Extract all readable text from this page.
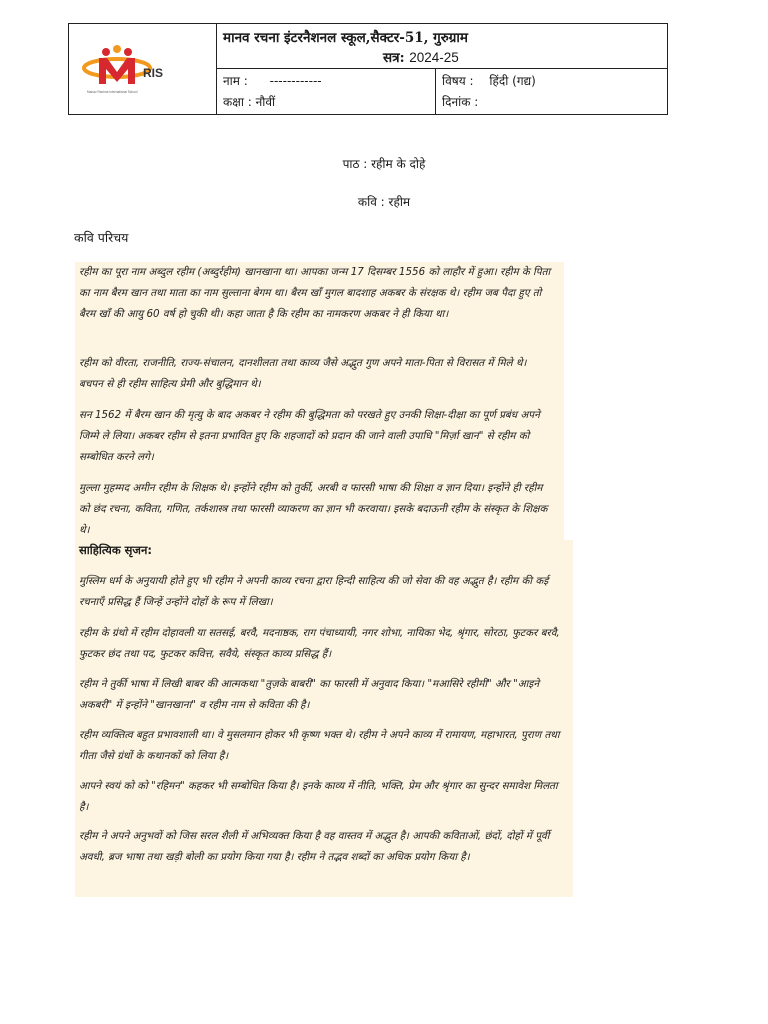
RIS
Manav Rachna International School
मानव रचना इंटरनैशनल स्कूल,सैक्टर-51, गुरुग्राम
सत्र: 2024-25
नाम : ------------
कक्षा : नौवीं
विषय : हिंदी (गद्य)
दिनांक :
पाठ : रहीम के दोहे
कवि : रहीम
कवि परिचय

रहीम का पूरा नाम अब्दुल रहीम (अब्दुर्रहीम) खानखाना था। आपका जन्म 17 दिसम्बर 1556 को लाहौर में हुआ। रहीम के पिता का नाम बैरम खान तथा माता का नाम सुल्ताना बेगम था। बैरम खाँ मुगल बादशाह अकबर के संरक्षक थे। रहीम जब पैदा हुए तो बैरम खाँ की आयु 60 वर्ष हो चुकी थी। कहा जाता है कि रहीम का नामकरण अकबर ने ही किया था।

रहीम को वीरता, राजनीति, राज्य-संचालन, दानशीलता तथा काव्य जैसे अद्भुत गुण अपने माता-पिता से विरासत में मिले थे। बचपन से ही रहीम साहित्य प्रेमी और बुद्धिमान थे।

सन 1562 में बैरम खान की मृत्यु के बाद अकबर ने रहीम की बुद्धिमता को परखते हुए उनकी शिक्षा-दीक्षा का पूर्ण प्रबंध अपने जिम्मे ले लिया। अकबर रहीम से इतना प्रभावित हुए कि शहजादों को प्रदान की जाने वाली उपाधि "मिर्ज़ा खान" से रहीम को सम्बोधित करने लगे।

मुल्ला मुहम्मद अमीन रहीम के शिक्षक थे। इन्होंने रहीम को तुर्की, अरबी व फारसी भाषा की शिक्षा व ज्ञान दिया। इन्होंने ही रहीम को छंद रचना, कविता, गणित, तर्कशास्त्र तथा फारसी व्याकरण का ज्ञान भी करवाया। इसके बदाऊनी रहीम के संस्कृत के शिक्षक थे।

साहित्यिक सृजन:

मुस्लिम धर्म के अनुयायी होते हुए भी रहीम ने अपनी काव्य रचना द्वारा हिन्दी साहित्य की जो सेवा की वह अद्भुत है। रहीम की कई रचनाएँ प्रसिद्ध हैं जिन्हें उन्होंने दोहों के रूप में लिखा।

रहीम के ग्रंथो में रहीम दोहावली या सतसई, बरवै, मदनाष्ठक, राग पंचाध्यायी, नगर शोभा, नायिका भेद, श्रृंगार, सोरठा, फुटकर बरवै, फुटकर छंद तथा पद, फुटकर कवित्त, सवैये, संस्कृत काव्य प्रसिद्ध हैं।

रहीम ने तुर्की भाषा में लिखी बाबर की आत्मकथा "तुज़के बाबरी" का फारसी में अनुवाद किया। "मआसिरे रहीमी" और "आइने अकबरी" में इन्होंने "खानखाना" व रहीम नाम से कविता की है।

रहीम व्यक्तित्व बहुत प्रभावशाली था। वे मुसलमान होकर भी कृष्ण भक्त थे। रहीम ने अपने काव्य में रामायण, महाभारत, पुराण तथा गीता जैसे ग्रंथों के कथानकों को लिया है।

आपने स्वयं को को "रहिमन" कहकर भी सम्बोधित किया है। इनके काव्य में नीति, भक्ति, प्रेम और श्रृंगार का सुन्दर समावेश मिलता है।

रहीम ने अपने अनुभवों को जिस सरल शैली में अभिव्यक्त किया है वह वास्तव में अद्भुत है। आपकी कविताओं, छंदों, दोहों में पूर्वी अवधी, ब्रज भाषा तथा खड़ी बोली का प्रयोग किया गया है। रहीम ने तद्भव शब्दों का अधिक प्रयोग किया है।
